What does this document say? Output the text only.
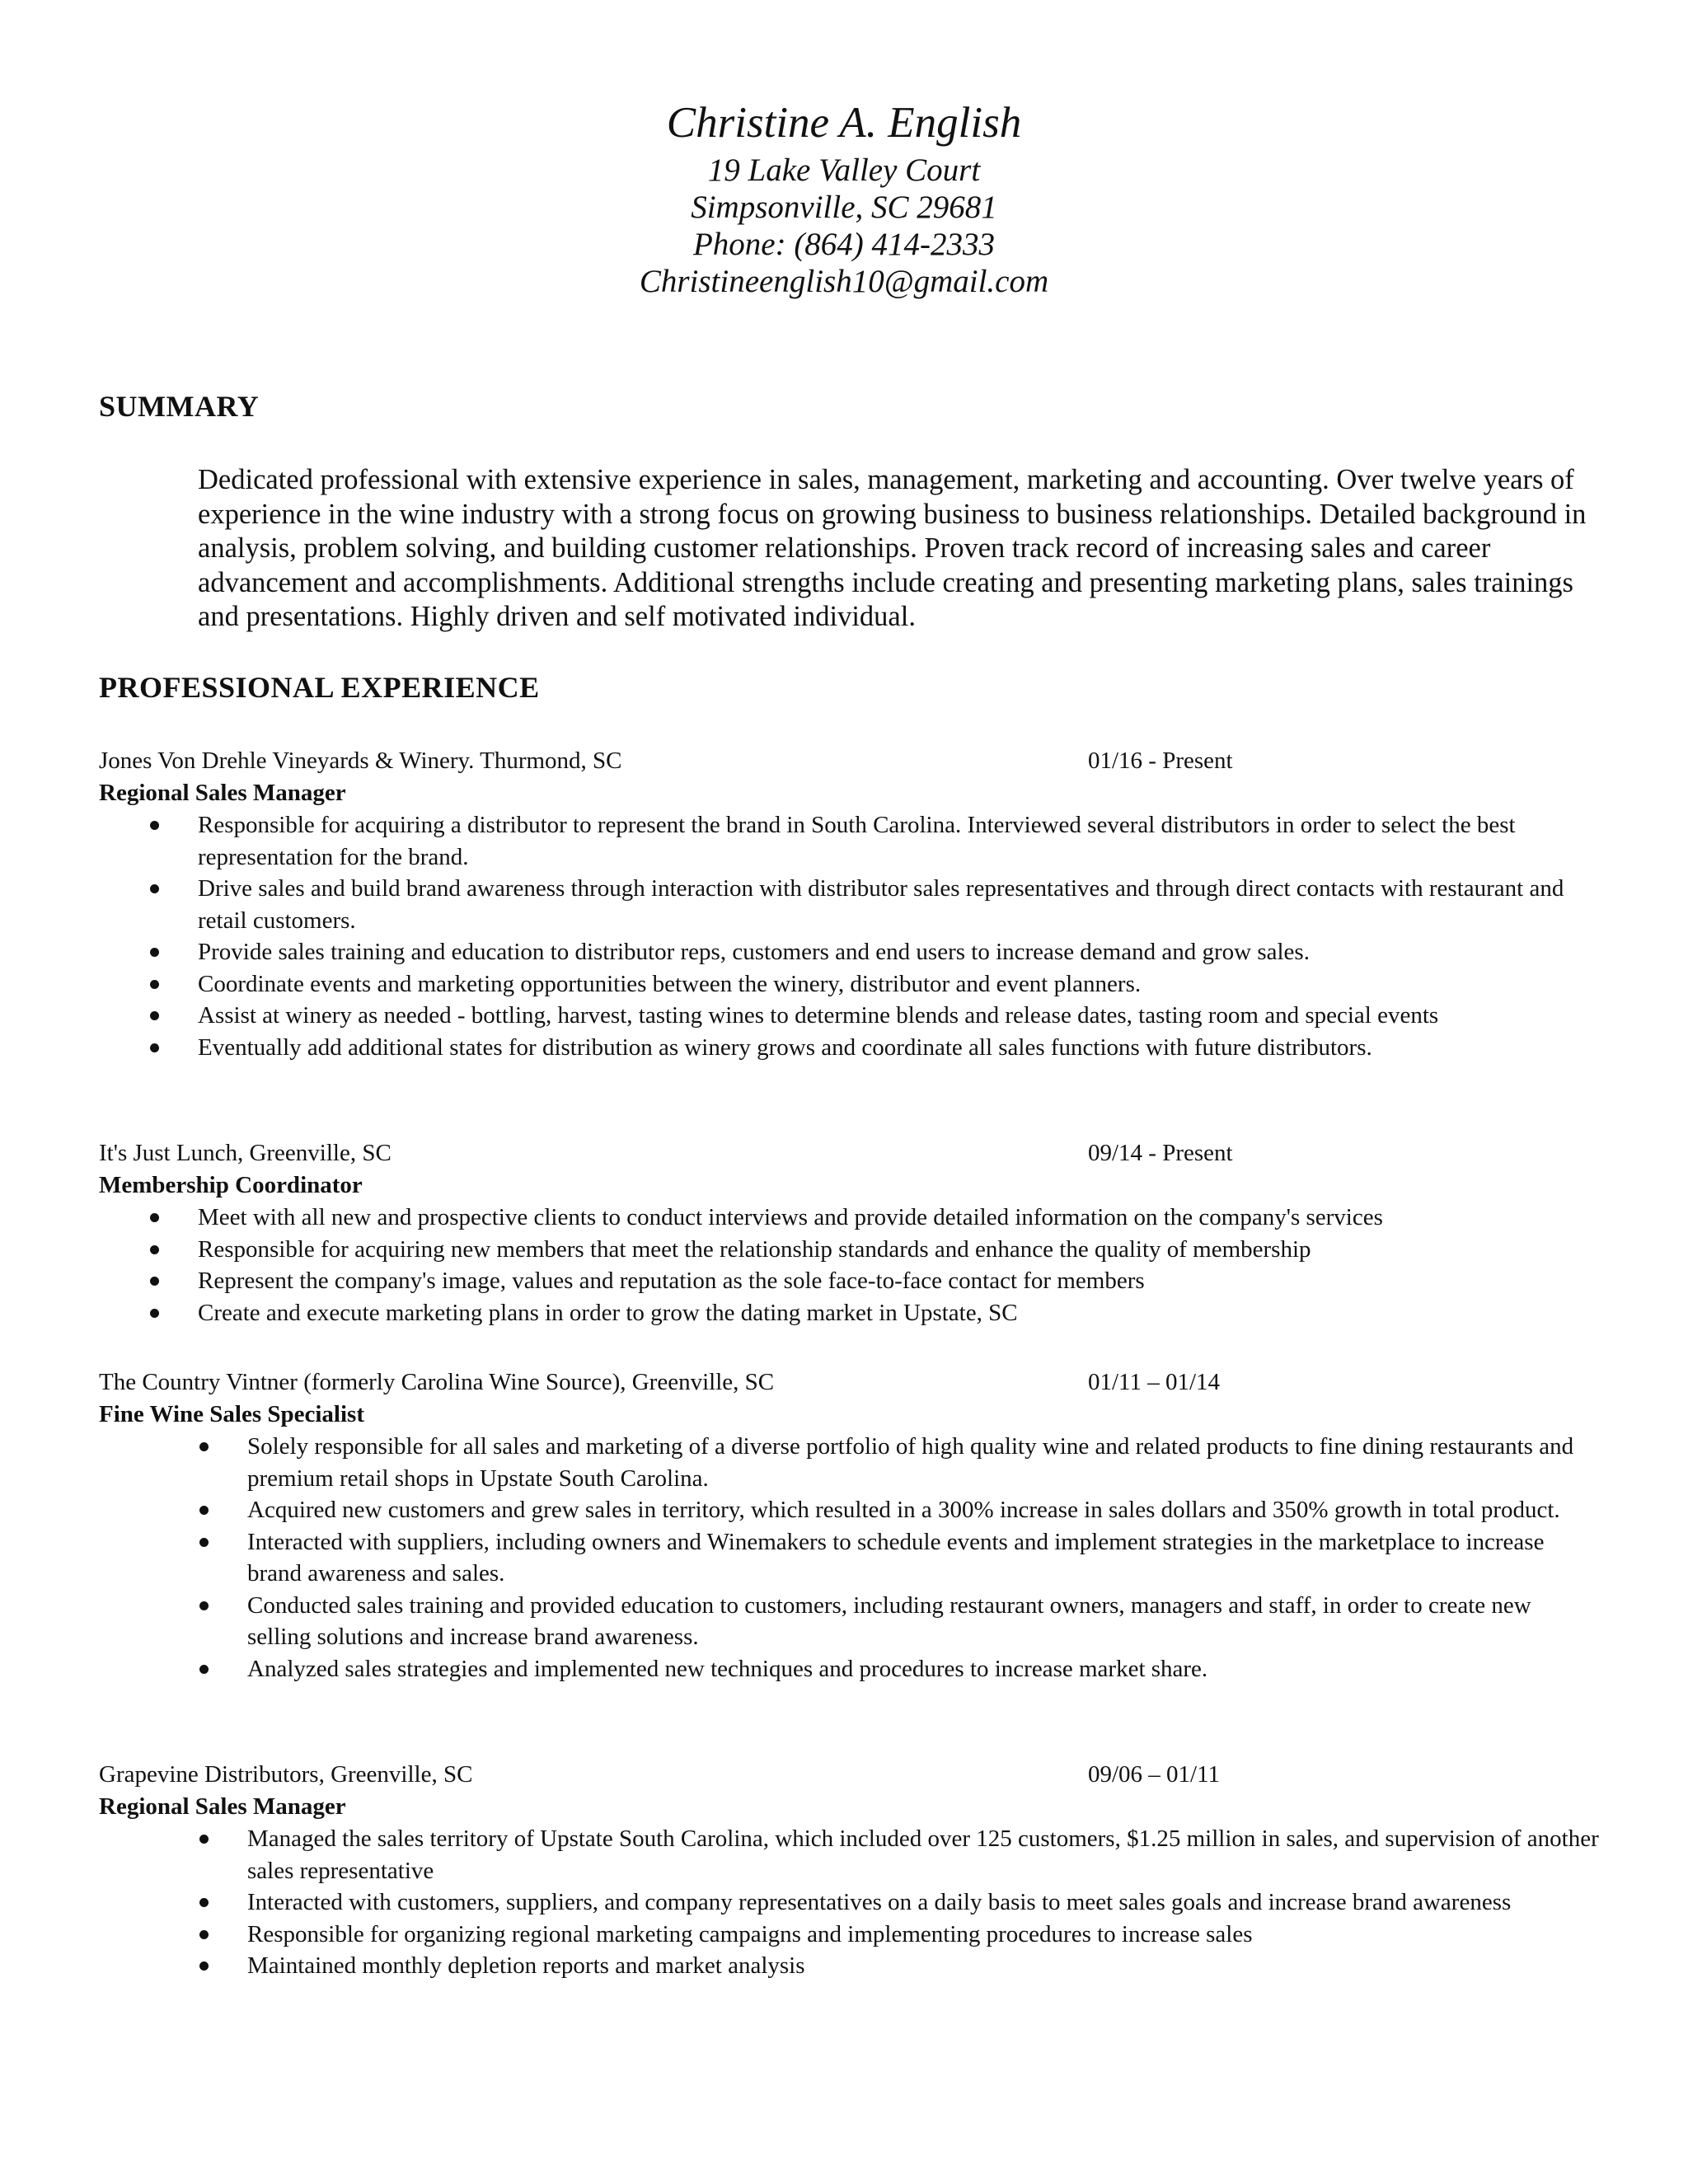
Christine A. English
19 Lake Valley Court
Simpsonville, SC 29681
Phone: (864) 414-2333
Christineenglish10@gmail.com
SUMMARY
Dedicated professional with extensive experience in sales, management, marketing and accounting. Over twelve years of experience in the wine industry with a strong focus on growing business to business relationships. Detailed background in analysis, problem solving, and building customer relationships. Proven track record of increasing sales and career advancement and accomplishments. Additional strengths include creating and presenting marketing plans, sales trainings and presentations. Highly driven and self motivated individual.
PROFESSIONAL EXPERIENCE
Jones Von Drehle Vineyards & Winery. Thurmond, SC	01/16 - Present
Regional Sales Manager
Responsible for acquiring a distributor to represent the brand in South Carolina. Interviewed several distributors in order to select the best representation for the brand.
Drive sales and build brand awareness through interaction with distributor sales representatives and through direct contacts with restaurant and retail customers.
Provide sales training and education to distributor reps, customers and end users to increase demand and grow sales.
Coordinate events and marketing opportunities between the winery, distributor and event planners.
Assist at winery as needed - bottling, harvest, tasting wines to determine blends and release dates, tasting room and special events
Eventually add additional states for distribution as winery grows and coordinate all sales functions with future distributors.
It's Just Lunch, Greenville, SC	09/14 - Present
Membership Coordinator
Meet with all new and prospective clients to conduct interviews and provide detailed information on the company's services
Responsible for acquiring new members that meet the relationship standards and enhance the quality of membership
Represent the company's image, values and reputation as the sole face-to-face contact for members
Create and execute marketing plans in order to grow the dating market in Upstate, SC
The Country Vintner (formerly Carolina Wine Source), Greenville, SC	01/11 – 01/14
Fine Wine Sales Specialist
Solely responsible for all sales and marketing of a diverse portfolio of high quality wine and related products to fine dining restaurants and premium retail shops in Upstate South Carolina.
Acquired new customers and grew sales in territory, which resulted in a 300% increase in sales dollars and 350% growth in total product.
Interacted with suppliers, including owners and Winemakers to schedule events and implement strategies in the marketplace to increase brand awareness and sales.
Conducted sales training and provided education to customers, including restaurant owners, managers and staff, in order to create new selling solutions and increase brand awareness.
Analyzed sales strategies and implemented new techniques and procedures to increase market share.
Grapevine Distributors, Greenville, SC	09/06 – 01/11
Regional Sales Manager
Managed the sales territory of Upstate South Carolina, which included over 125 customers, $1.25 million in sales, and supervision of another sales representative
Interacted with customers, suppliers, and company representatives on a daily basis to meet sales goals and increase brand awareness
Responsible for organizing regional marketing campaigns and implementing procedures to increase sales
Maintained monthly depletion reports and market analysis
